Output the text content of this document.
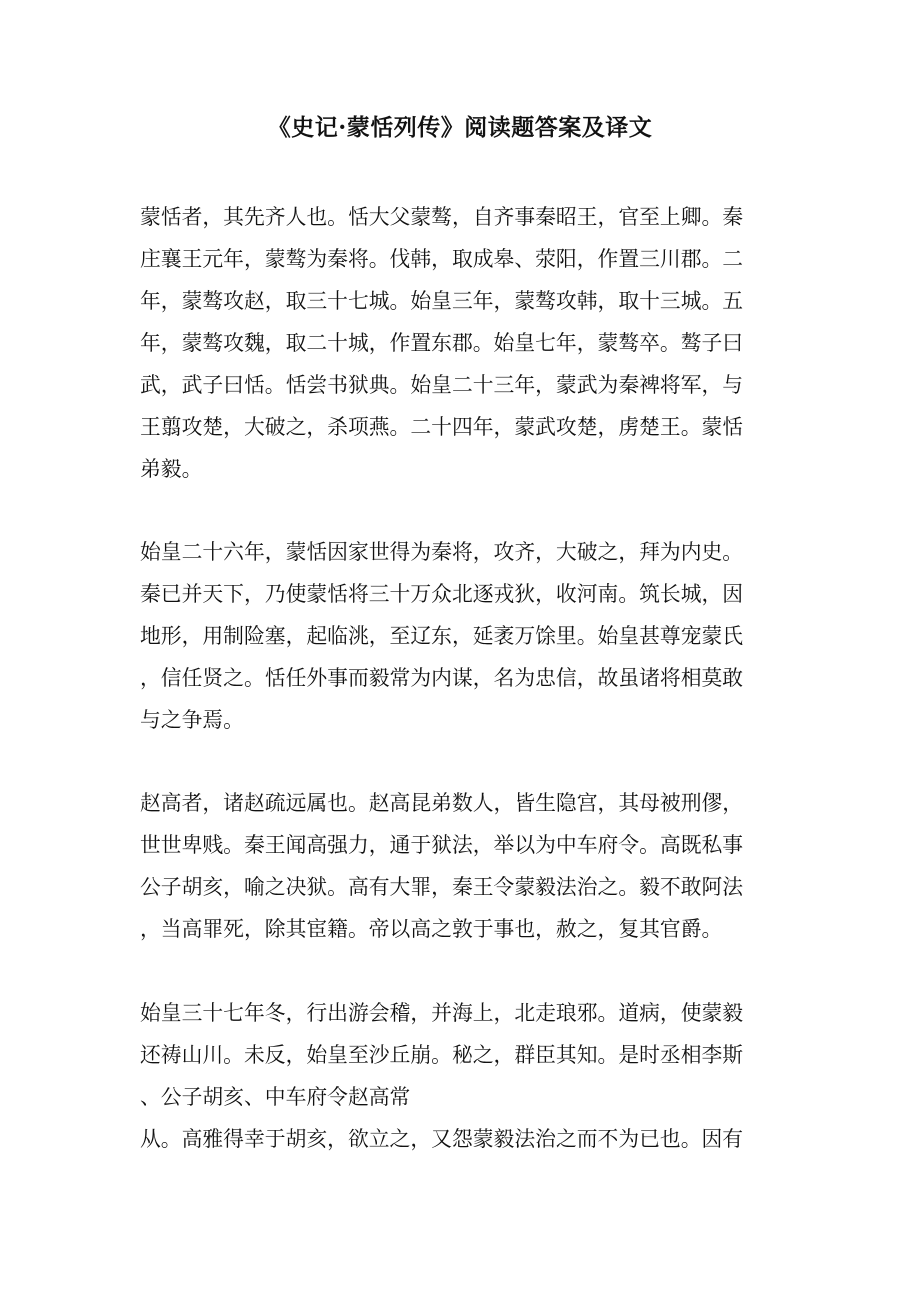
《史记·蒙恬列传》阅读题答案及译文
蒙恬者，其先齐人也。恬大父蒙骜，自齐事秦昭王，官至上卿。秦
庄襄王元年，蒙骜为秦将。伐韩，取成皋、荥阳，作置三川郡。二
年，蒙骜攻赵，取三十七城。始皇三年，蒙骜攻韩，取十三城。五
年，蒙骜攻魏，取二十城，作置东郡。始皇七年，蒙骜卒。骜子曰
武，武子曰恬。恬尝书狱典。始皇二十三年，蒙武为秦裨将军，与
王翦攻楚，大破之，杀项燕。二十四年，蒙武攻楚，虏楚王。蒙恬
弟毅。
始皇二十六年，蒙恬因家世得为秦将，攻齐，大破之，拜为内史。
秦已并天下，乃使蒙恬将三十万众北逐戎狄，收河南。筑长城，因
地形，用制险塞，起临洮，至辽东，延袤万馀里。始皇甚尊宠蒙氏
，信任贤之。恬任外事而毅常为内谋，名为忠信，故虽诸将相莫敢
与之争焉。
赵高者，诸赵疏远属也。赵高昆弟数人，皆生隐宫，其母被刑僇，
世世卑贱。秦王闻高强力，通于狱法，举以为中车府令。高既私事
公子胡亥，喻之决狱。高有大罪，秦王令蒙毅法治之。毅不敢阿法
，当高罪死，除其宦籍。帝以高之敦于事也，赦之，复其官爵。
始皇三十七年冬，行出游会稽，并海上，北走琅邪。道病，使蒙毅
还祷山川。未反，始皇至沙丘崩。秘之，群臣其知。是时丞相李斯
、公子胡亥、中车府令赵高常
从。高雅得幸于胡亥，欲立之，又怨蒙毅法治之而不为已也。因有
